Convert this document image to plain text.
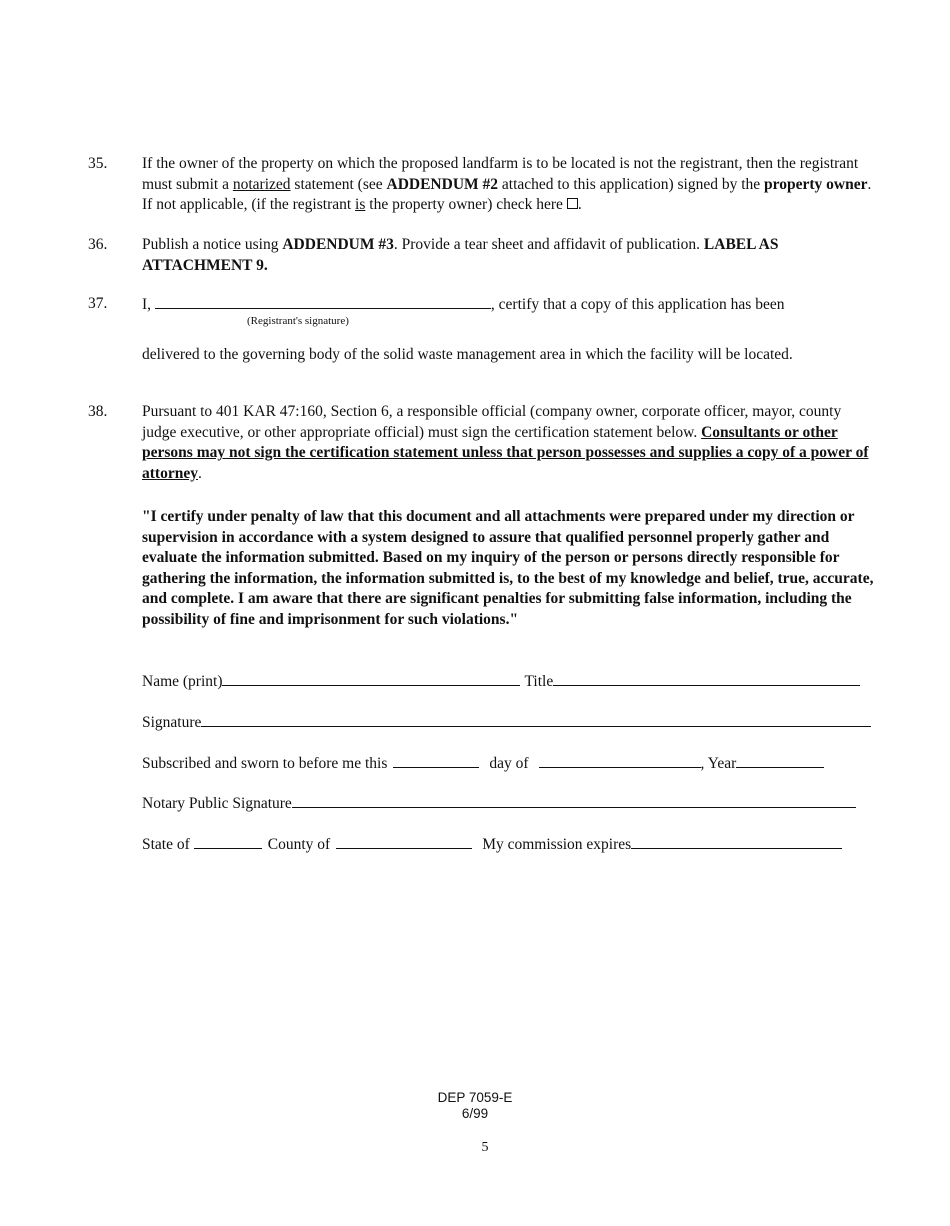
35.	If the owner of the property on which the proposed landfarm is to be located is not the registrant, then the registrant must submit a notarized statement (see ADDENDUM #2 attached to this application) signed by the property owner. If not applicable, (if the registrant is the property owner) check here .
36.	Publish a notice using ADDENDUM #3. Provide a tear sheet and affidavit of publication. LABEL AS ATTACHMENT 9.
37.	I,	, certify that a copy of this application has been
(Registrant's signature)
delivered to the governing body of the solid waste management area in which the facility will be located.
38.	Pursuant to 401 KAR 47:160, Section 6, a responsible official (company owner, corporate officer, mayor, county judge executive, or other appropriate official) must sign the certification statement below. Consultants or other persons may not sign the certification statement unless that person possesses and supplies a copy of a power of attorney.
"I certify under penalty of law that this document and all attachments were prepared under my direction or supervision in accordance with a system designed to assure that qualified personnel properly gather and evaluate the information submitted. Based on my inquiry of the person or persons directly responsible for gathering the information, the information submitted is, to the best of my knowledge and belief, true, accurate, and complete. I am aware that there are significant penalties for submitting false information, including the possibility of fine and imprisonment for such violations."
Name (print)	Title
Signature
Subscribed and sworn to before me this	day of	, Year
Notary Public Signature
State of	County of	My commission expires
DEP 7059-E
6/99
5
